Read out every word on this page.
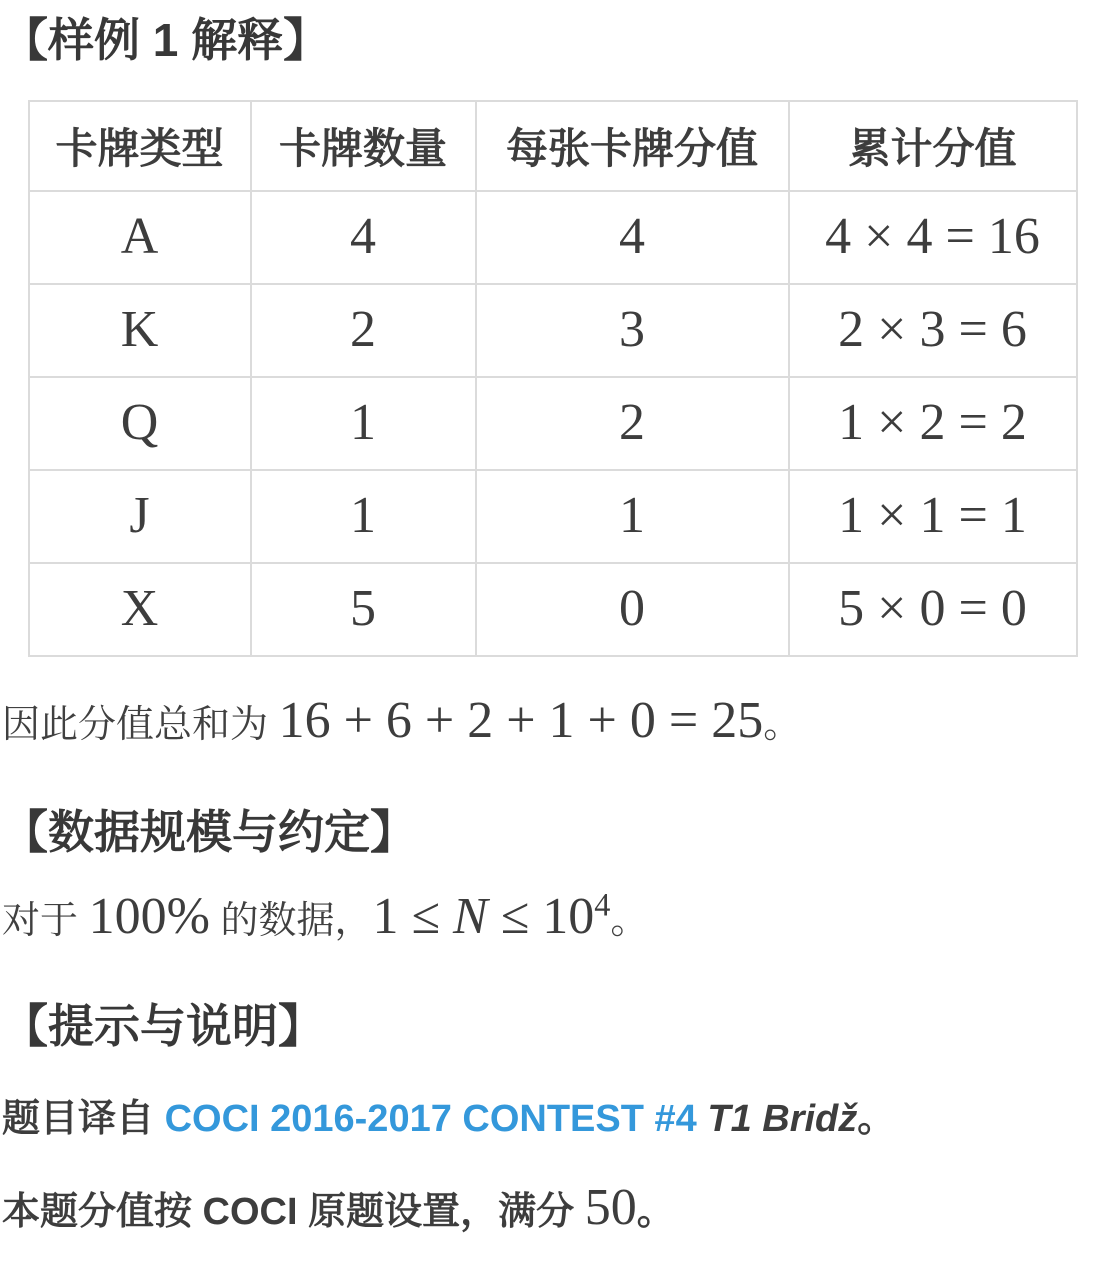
【样例 1 解释】
卡牌类型	卡牌数量	每张卡牌分值	累计分值
A	4	4	4 × 4 = 16
K	2	3	2 × 3 = 6
Q	1	2	1 × 2 = 2
J	1	1	1 × 1 = 1
X	5	0	5 × 0 = 0

因此分值总和为 16 + 6 + 2 + 1 + 0 = 25。

【数据规模与约定】

对于 100% 的数据，$1 \le N \le 10^4$。

【提示与说明】

题目译自 COCI 2016-2017 CONTEST #4 T1 Bridž。

本题分值按 COCI 原题设置，满分 50。
